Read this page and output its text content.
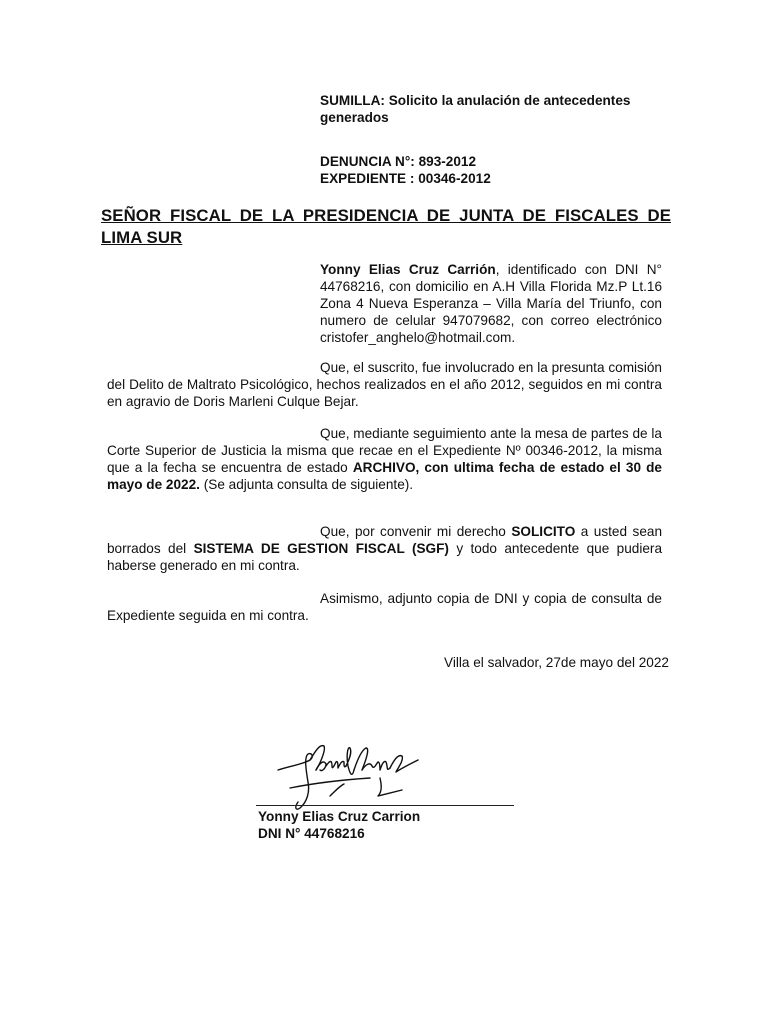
SUMILLA: Solicito la anulación de antecedentes generados
DENUNCIA N°: 893-2012
EXPEDIENTE : 00346-2012
SEÑOR FISCAL DE LA PRESIDENCIA DE JUNTA DE FISCALES DE LIMA SUR
Yonny Elias Cruz Carrión, identificado con DNI N° 44768216, con domicilio en A.H Villa Florida Mz.P Lt.16 Zona 4 Nueva Esperanza – Villa María del Triunfo, con numero de celular 947079682, con correo electrónico cristofer_anghelo@hotmail.com.
Que, el suscrito, fue involucrado en la presunta comisión del Delito de Maltrato Psicológico, hechos realizados en el año 2012, seguidos en mi contra en agravio de Doris Marleni Culque Bejar.
Que, mediante seguimiento ante la mesa de partes de la Corte Superior de Justicia la misma que recae en el Expediente Nº 00346-2012, la misma que a la fecha se encuentra de estado ARCHIVO, con ultima fecha de estado el 30 de mayo de 2022. (Se adjunta consulta de siguiente).
Que, por convenir mi derecho SOLICITO a usted sean borrados del SISTEMA DE GESTION FISCAL (SGF) y todo antecedente que pudiera haberse generado en mi contra.
Asimismo, adjunto copia de DNI y copia de consulta de Expediente seguida en mi contra.
Villa el salvador, 27de mayo del 2022
Yonny Elias Cruz Carrion
DNI N° 44768216
